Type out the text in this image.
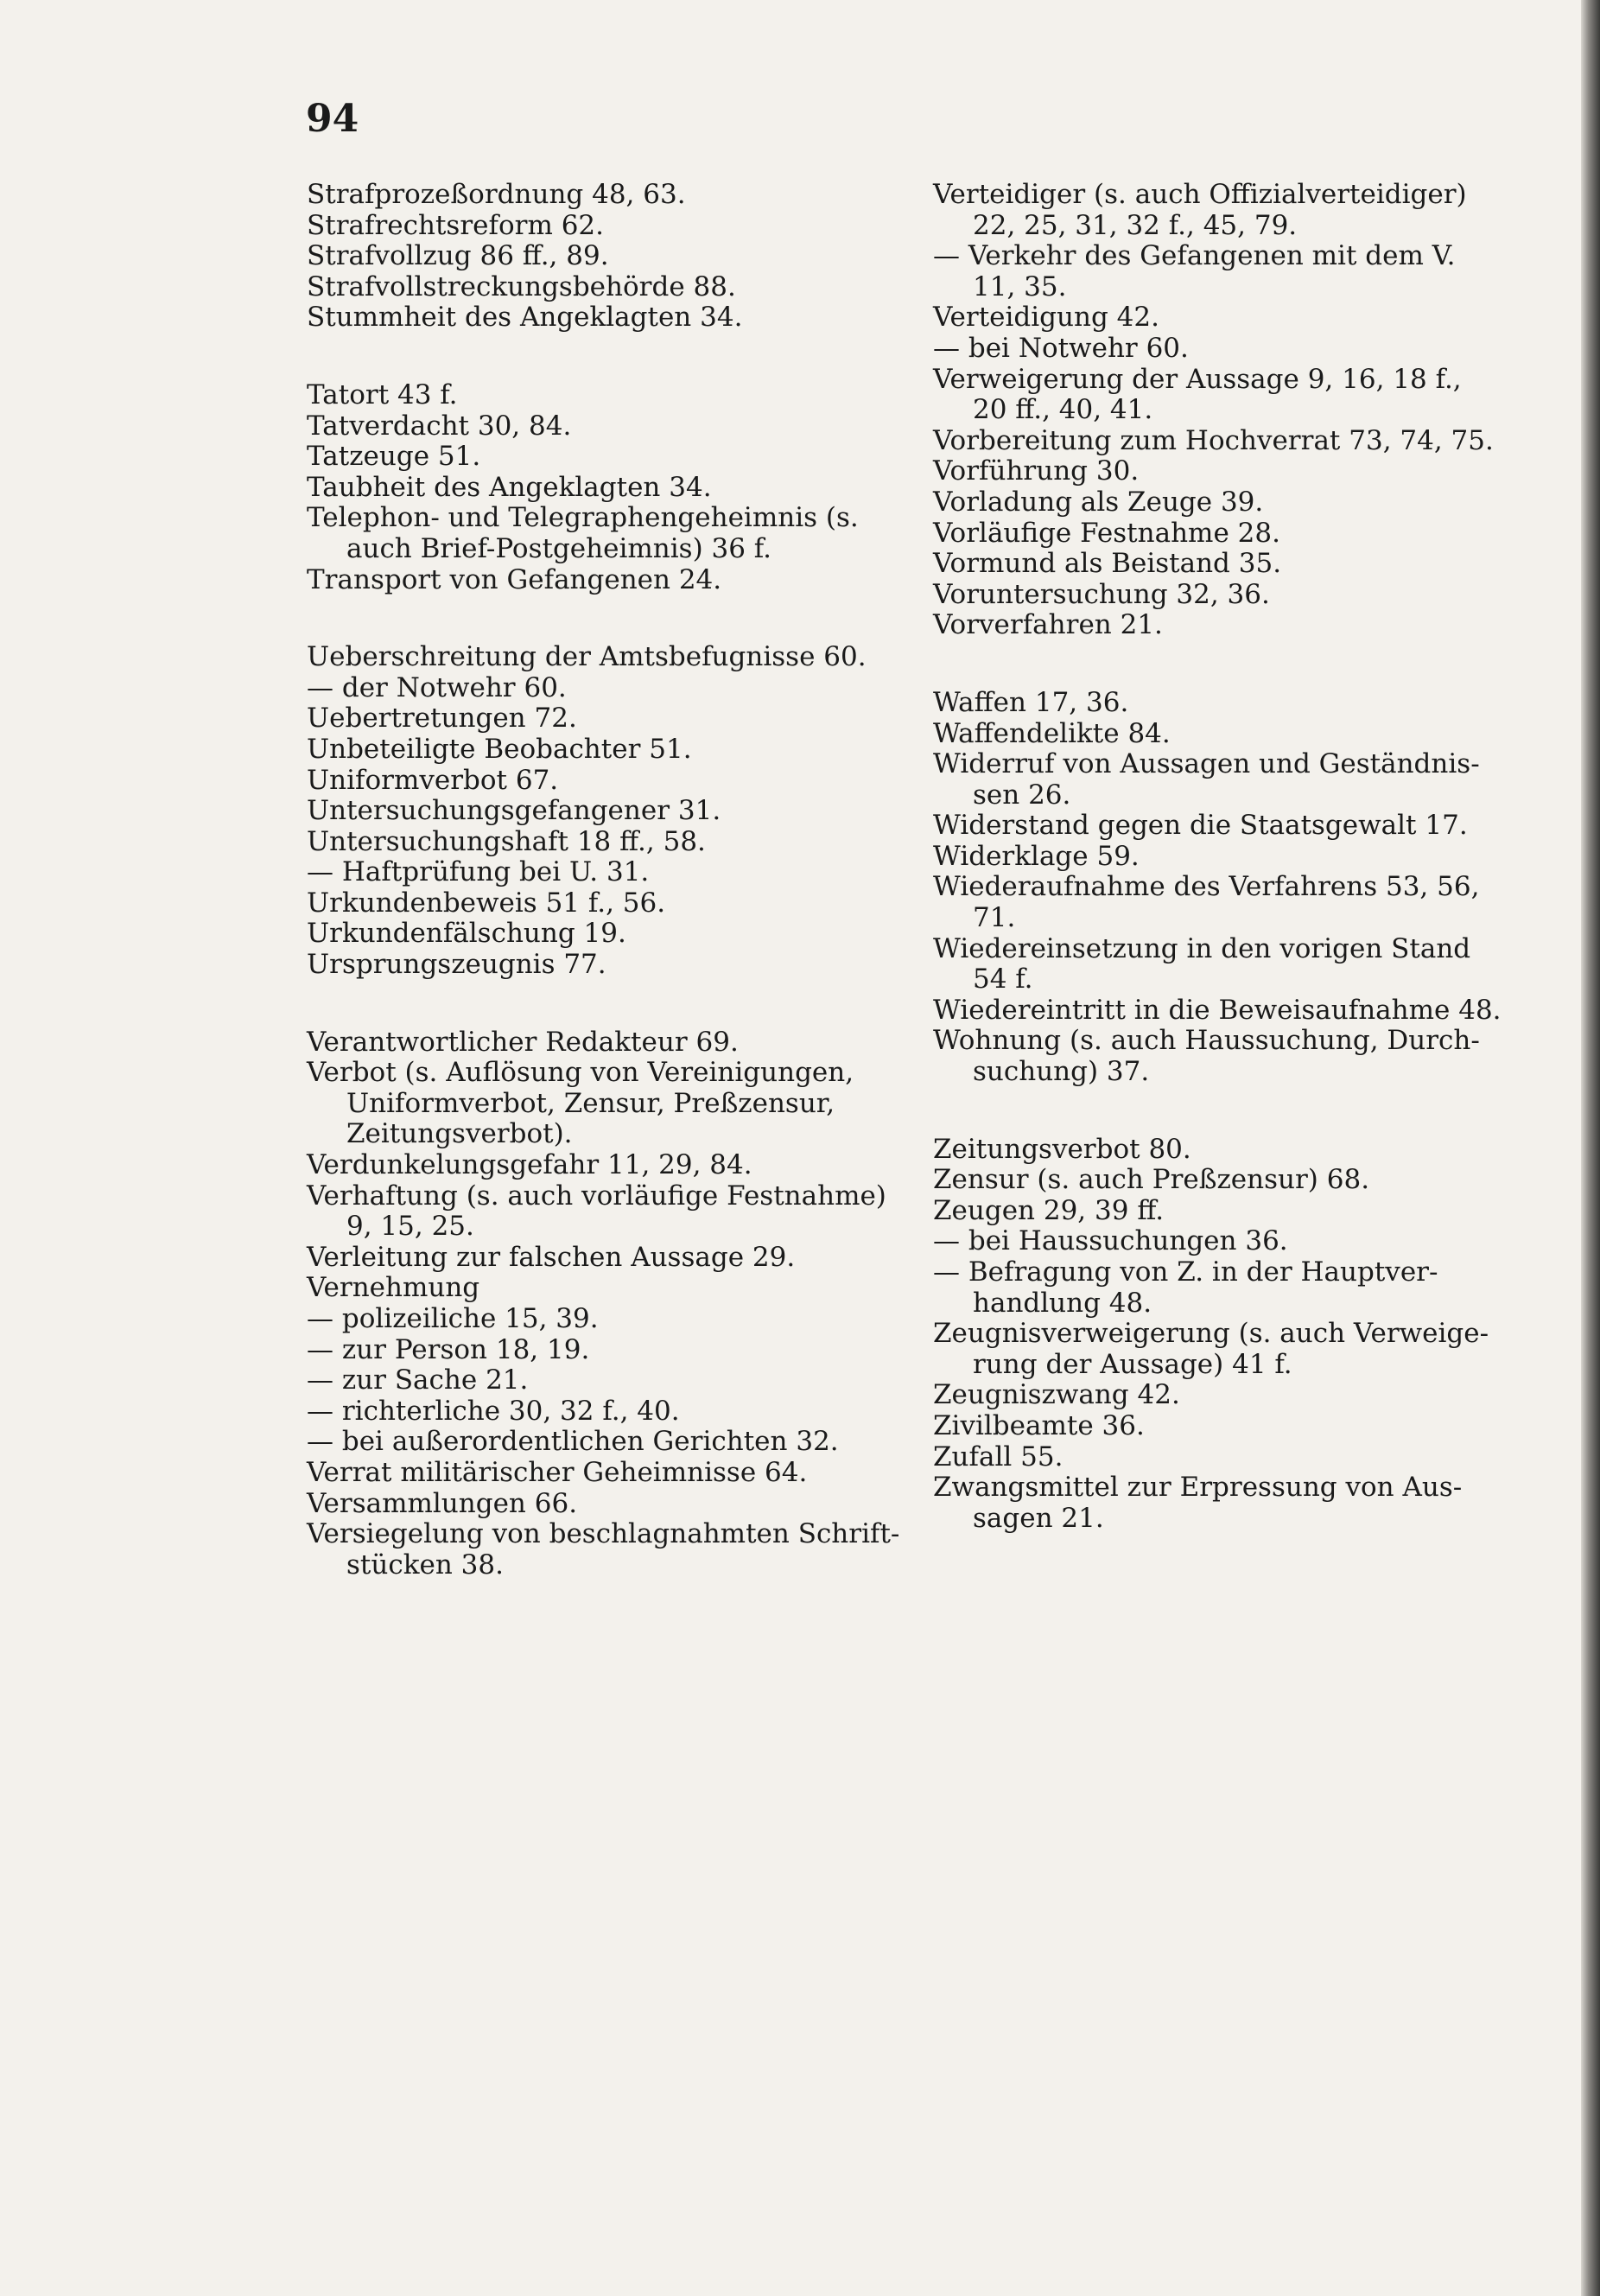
94
Strafprozeßordnung 48, 63.
Strafrechtsreform 62.
Strafvollzug 86 ff., 89.
Strafvollstreckungsbehörde 88.
Stummheit des Angeklagten 34.
Tatort 43 f.
Tatverdacht 30, 84.
Tatzeuge 51.
Taubheit des Angeklagten 34.
Telephon- und Telegraphengeheimnis (s.
auch Brief-Postgeheimnis) 36 f.
Transport von Gefangenen 24.
Ueberschreitung der Amtsbefugnisse 60.
— der Notwehr 60.
Uebertretungen 72.
Unbeteiligte Beobachter 51.
Uniformverbot 67.
Untersuchungsgefangener 31.
Untersuchungshaft 18 ff., 58.
— Haftprüfung bei U. 31.
Urkundenbeweis 51 f., 56.
Urkundenfälschung 19.
Ursprungszeugnis 77.
Verantwortlicher Redakteur 69.
Verbot (s. Auflösung von Vereinigungen,
Uniformverbot, Zensur, Preßzensur,
Zeitungsverbot).
Verdunkelungsgefahr 11, 29, 84.
Verhaftung (s. auch vorläufige Festnahme)
9, 15, 25.
Verleitung zur falschen Aussage 29.
Vernehmung
— polizeiliche 15, 39.
— zur Person 18, 19.
— zur Sache 21.
— richterliche 30, 32 f., 40.
— bei außerordentlichen Gerichten 32.
Verrat militärischer Geheimnisse 64.
Versammlungen 66.
Versiegelung von beschlagnahmten Schrift-
stücken 38.
Verteidiger (s. auch Offizialverteidiger)
22, 25, 31, 32 f., 45, 79.
— Verkehr des Gefangenen mit dem V.
11, 35.
Verteidigung 42.
— bei Notwehr 60.
Verweigerung der Aussage 9, 16, 18 f.,
20 ff., 40, 41.
Vorbereitung zum Hochverrat 73, 74, 75.
Vorführung 30.
Vorladung als Zeuge 39.
Vorläufige Festnahme 28.
Vormund als Beistand 35.
Voruntersuchung 32, 36.
Vorverfahren 21.
Waffen 17, 36.
Waffendelikte 84.
Widerruf von Aussagen und Geständnis-
sen 26.
Widerstand gegen die Staatsgewalt 17.
Widerklage 59.
Wiederaufnahme des Verfahrens 53, 56,
71.
Wiedereinsetzung in den vorigen Stand
54 f.
Wiedereintritt in die Beweisaufnahme 48.
Wohnung (s. auch Haussuchung, Durch-
suchung) 37.
Zeitungsverbot 80.
Zensur (s. auch Preßzensur) 68.
Zeugen 29, 39 ff.
— bei Haussuchungen 36.
— Befragung von Z. in der Hauptver-
handlung 48.
Zeugnisverweigerung (s. auch Verweige-
rung der Aussage) 41 f.
Zeugniszwang 42.
Zivilbeamte 36.
Zufall 55.
Zwangsmittel zur Erpressung von Aus-
sagen 21.
